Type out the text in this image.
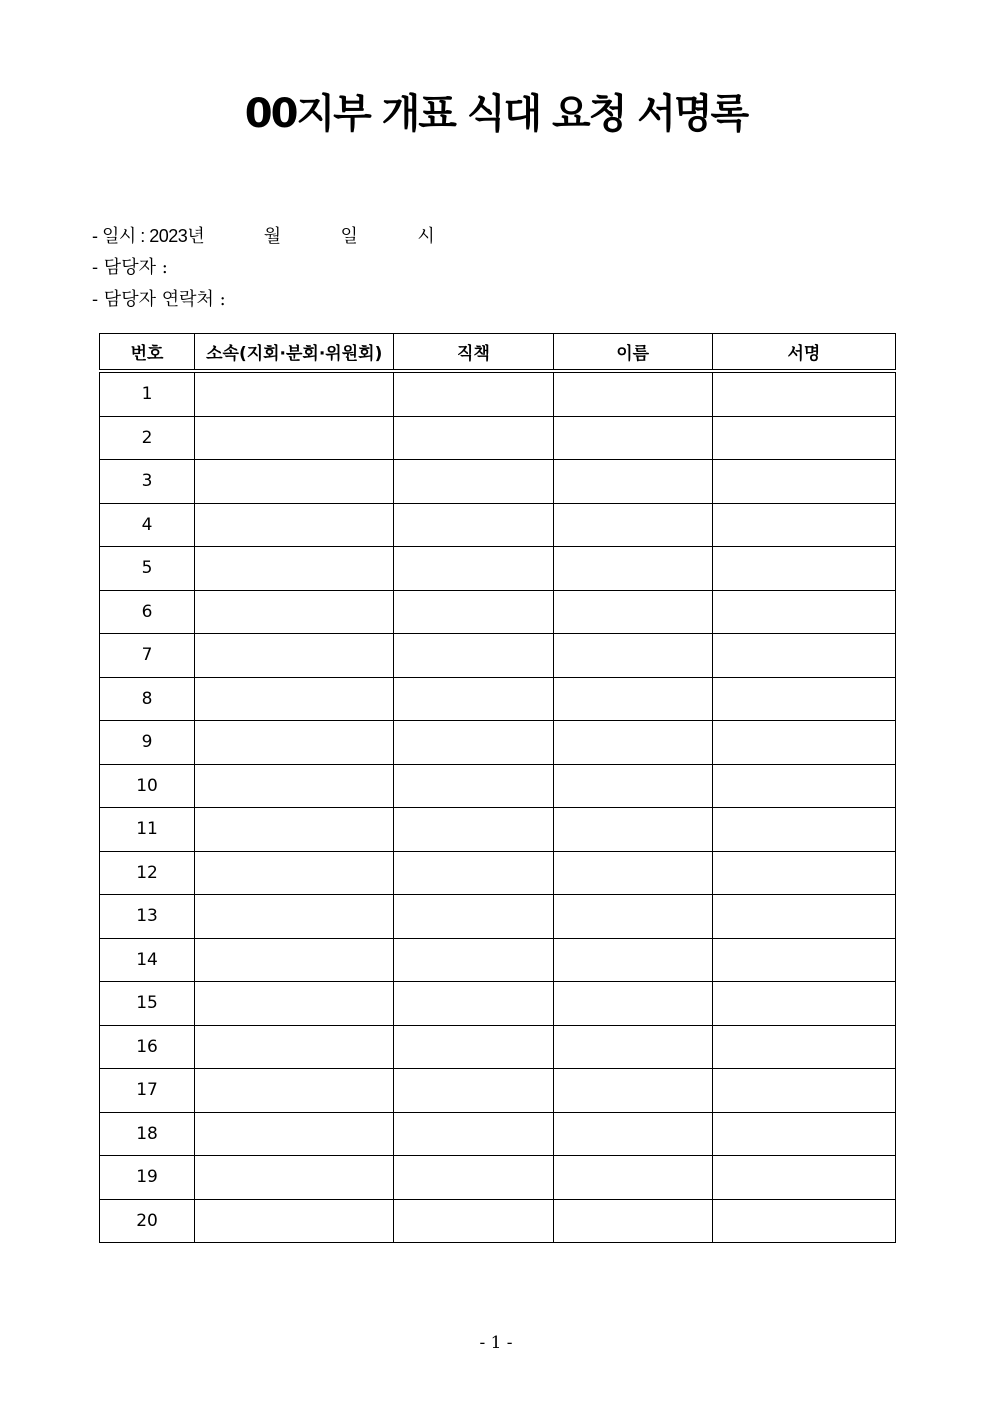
00지부 개표 식대 요청 서명록
- 일시 : 2023년	월	일	시
- 담당자 :
- 담당자 연락처 :
번호	소속(지회·분회·위원회)	직책	이름	서명
1				
2				
3				
4				
5				
6				
7				
8				
9				
10				
11				
12				
13				
14				
15				
16				
17				
18				
19				
20				
- 1 -
